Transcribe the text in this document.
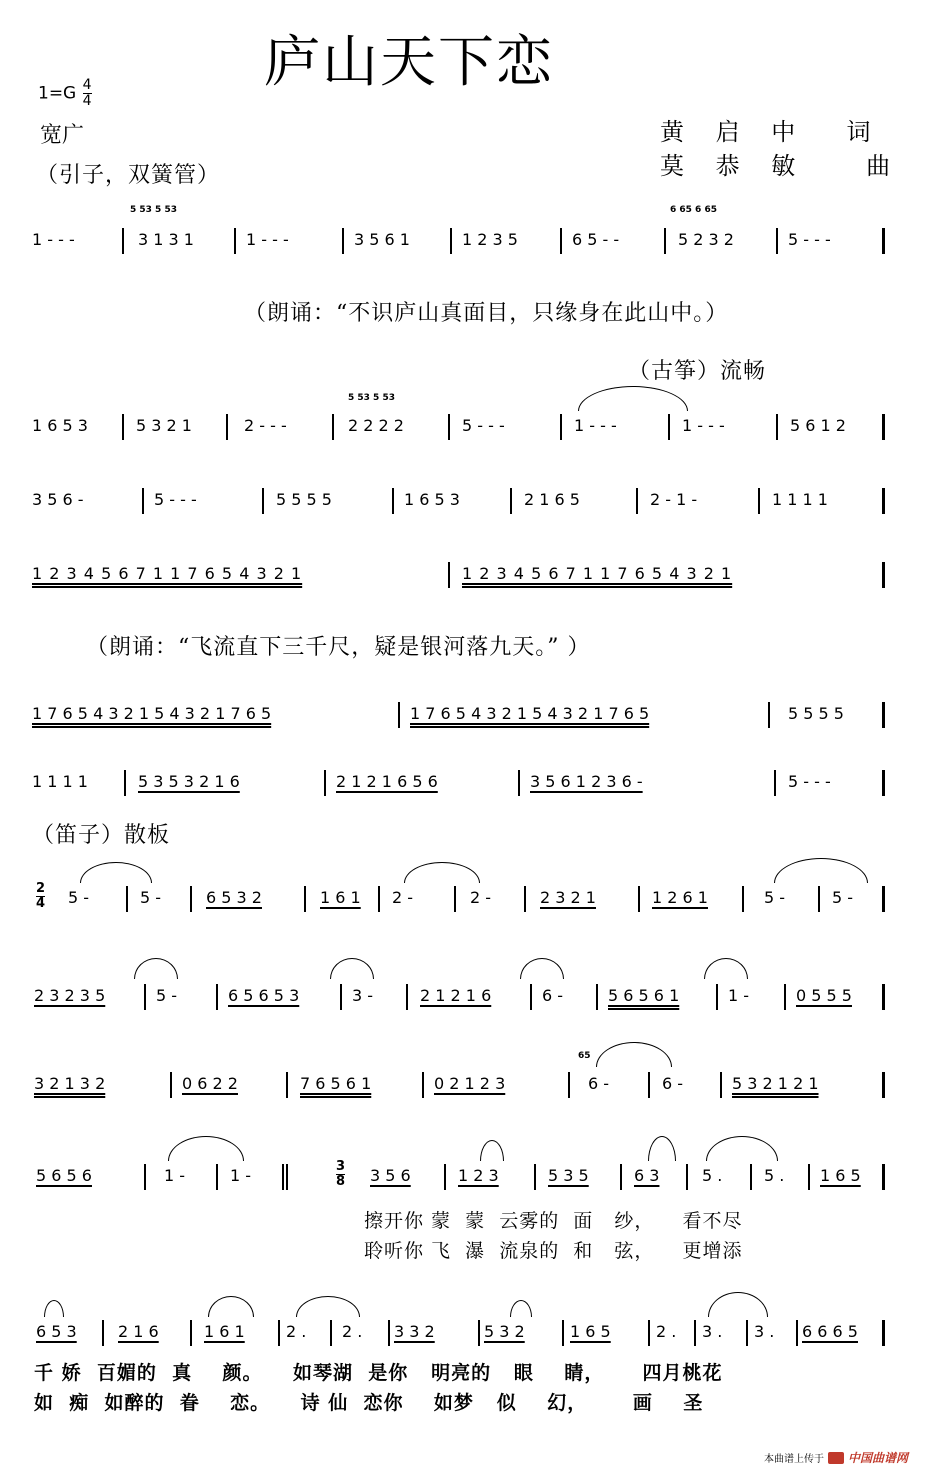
庐山天下恋
$1=G \frac{4}{4}$
宽广
（引子，双簧管）
黄 启 中  词
莫 恭 敏   曲
5 53 5 53	6 65 6 65
1 - - -	3 1 3 1	1 - - -	3 5 6 1	1 2 3 5	6 5 - -	5 2 3 2	5 - - -
（朗诵：“不识庐山真面目，只缘身在此山中。）
（古筝）流畅
5 53 5 53
1 6 5 3	5 3 2 1	2 - - -	2 2 2 2	5 - - -	1 - - -	1 - - -	5 6 1 2
3 5 6 -	5 - - -	5 5 5 5	1 6 5 3	2 1 6 5	2 - 1 -	1 1 1 1
1 2 3 4 5 6 7 1 1 7 6 5 4 3 2 1	1 2 3 4 5 6 7 1 1 7 6 5 4 3 2 1
（朗诵：“飞流直下三千尺，疑是银河落九天。” ）
1 7 6 5 4 3 2 1 5 4 3 2 1 7 6 5	1 7 6 5 4 3 2 1 5 4 3 2 1 7 6 5	5 5 5 5
1 1 1 1	5 3 5 3 2 1 6	2 1 2 1 6 5 6	3 5 6 1 2 3 6 -	5 - - -
（笛子）散板
2
4 5 -	5 -	6 5 3 2	1 6 1 2 -	2 -	2 3 2 1	1 2 6 1	5 -	5 -
2 3 2 3 5	5 -	6 5 6 5 3	3 -	2 1 2 1 6	6 -	5 6 5 6 1	1 -	0 5 5 5
65
3 2 1 3 2	0 6 2 2	7 6 5 6 1	0 2 1 2 3	6 -	6 -	5 3 2 1 2 1
3
8
5 6 5 6	1 -	1 -	3 5 6	1 2 3	5 3 5	6 3	5 .	5 . 1 6 5
擦开你 蒙  蒙  云雾的  面   纱，    看不尽
聆听你 飞  瀑  流泉的  和   弦，    更增添
6 5 3	2 1 6	1 6 1	2 . 2 . 3 3 2	5 3 2	1 6 5	2 . 3 . 3 . 6 6 6 5
千 娇  百媚的  真    颜。    如琴湖  是你   明亮的   眼    睛，     四月桃花
如  痴  如醉的  眷    恋。    诗 仙  恋你    如梦   似    幻，      画    圣
本曲谱上传于 中国曲谱网
